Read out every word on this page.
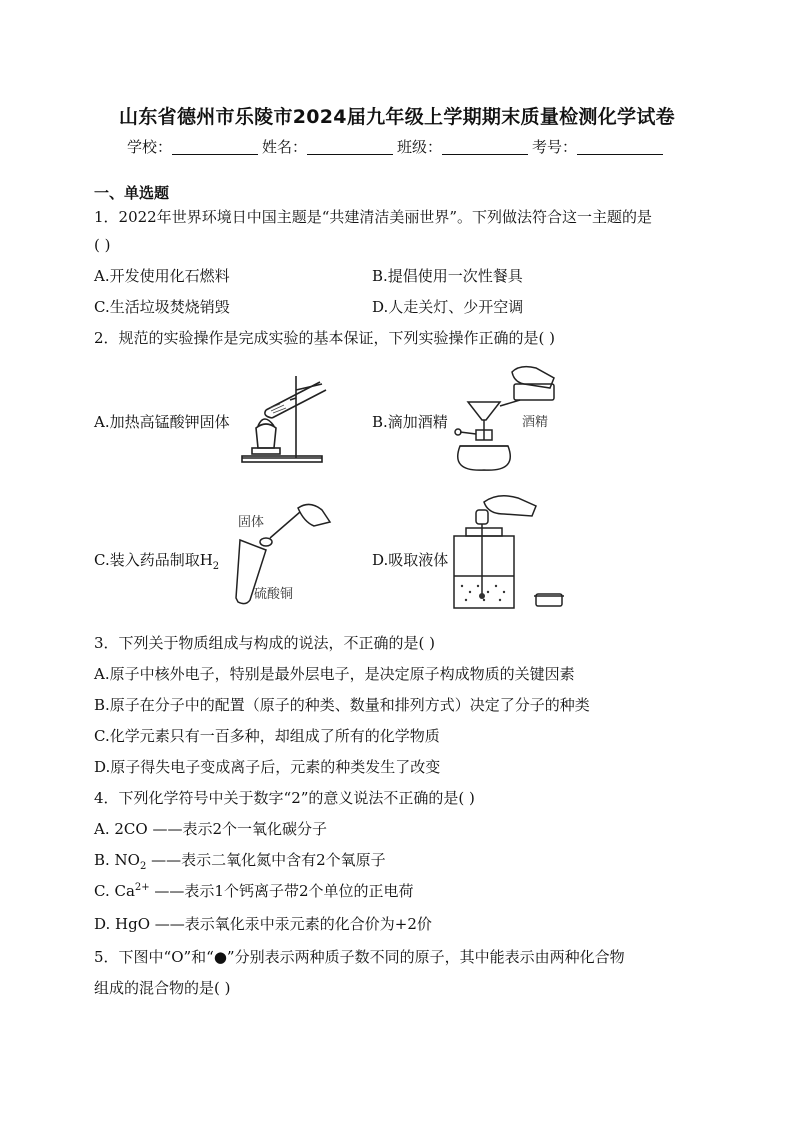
山东省德州市乐陵市2024届九年级上学期期末质量检测化学试卷
学校：	姓名：	班级：	考号：
一、单选题
1．2022年世界环境日中国主题是“共建清洁美丽世界”。下列做法符合这一主题的是
( )
A.开发使用化石燃料	B.提倡使用一次性餐具
C.生活垃圾焚烧销毁	D.人走关灯、少开空调
2．规范的实验操作是完成实验的基本保证，下列实验操作正确的是( )
A.加热高锰酸钾固体	B.滴加酒精
C.装入药品制取$H_2$	D.吸取液体
酒精
固体
硫酸铜
3．下列关于物质组成与构成的说法，不正确的是( )
A.原子中核外电子，特别是最外层电子，是决定原子构成物质的关键因素
B.原子在分子中的配置（原子的种类、数量和排列方式）决定了分子的种类
C.化学元素只有一百多种，却组成了所有的化学物质
D.原子得失电子变成离子后，元素的种类发生了改变
4．下列化学符号中关于数字“2”的意义说法不正确的是( )
A. 2CO ——表示2个一氧化碳分子
B. $NO_2$ ——表示二氧化氮中含有2个氧原子
C. $Ca^{2+}$ ——表示1个钙离子带2个单位的正电荷
D. HgO ——表示氧化汞中汞元素的化合价为+2价
5．下图中“O”和“●”分别表示两种质子数不同的原子，其中能表示由两种化合物
组成的混合物的是( )
